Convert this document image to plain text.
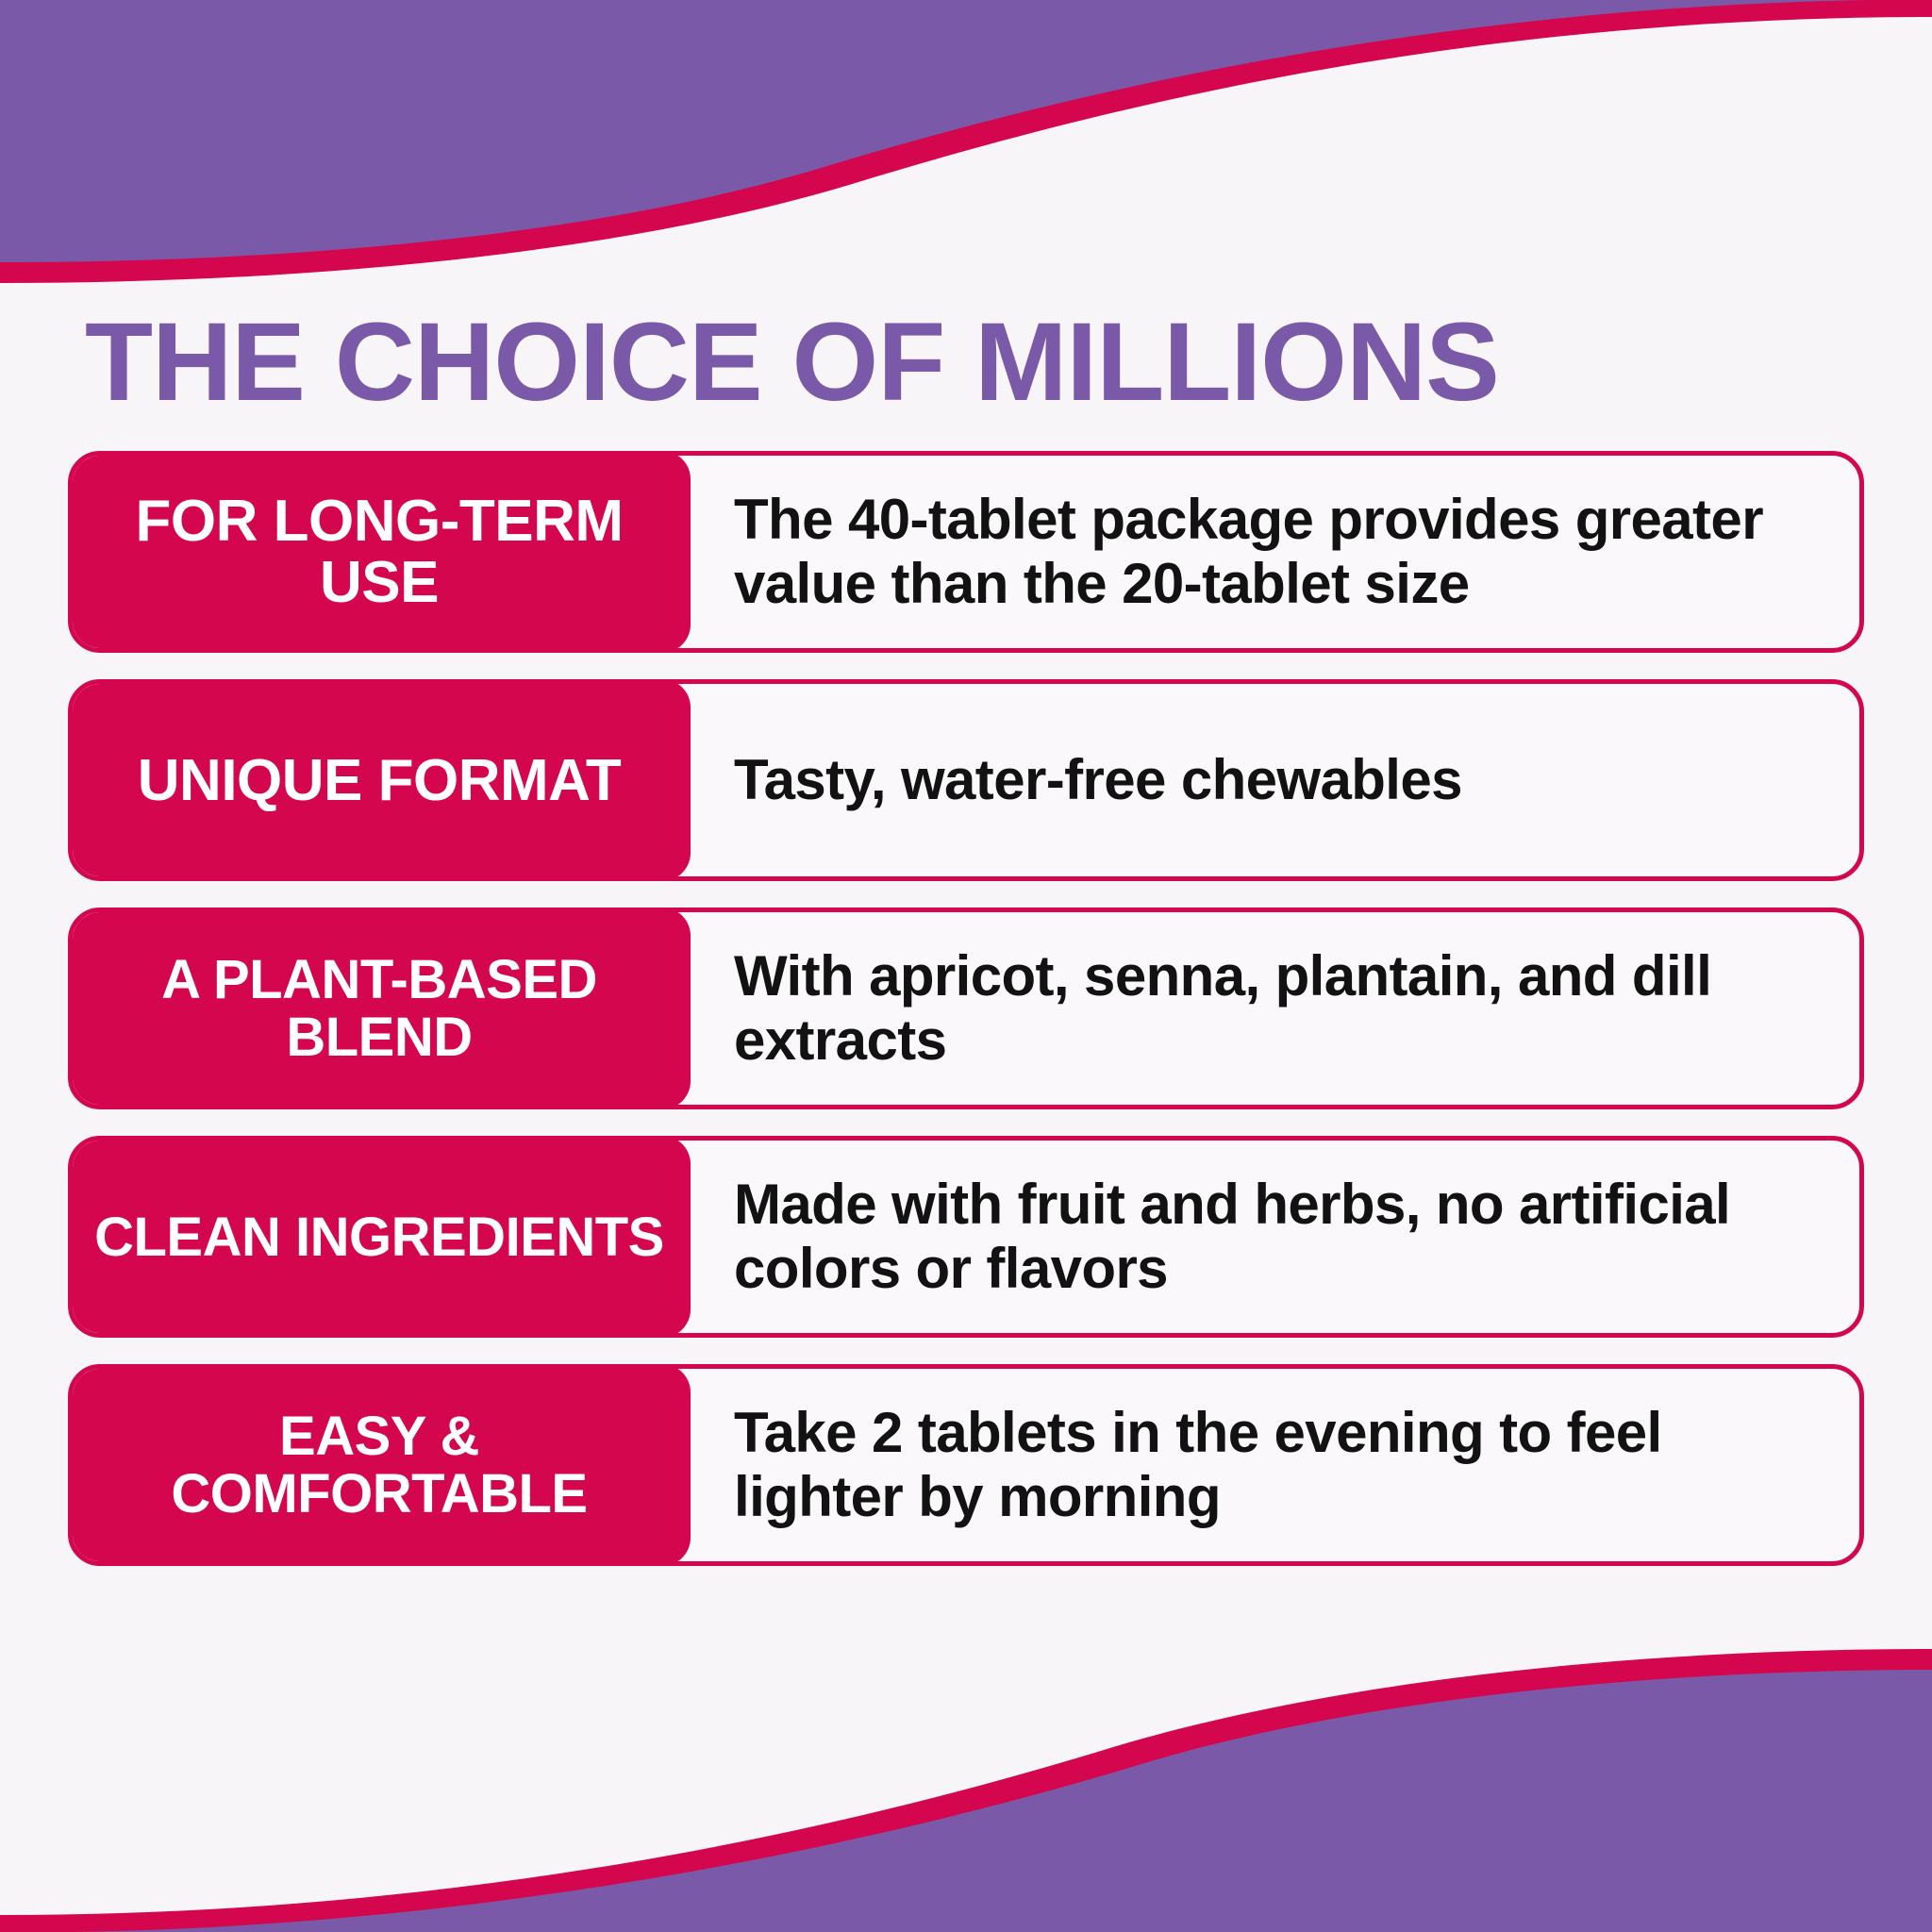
THE CHOICE OF MILLIONS
FOR LONG-TERM USE
The 40-tablet package provides greater value than the 20-tablet size
UNIQUE FORMAT Tasty, water-free chewables
A PLANT-BASED BLEND
With apricot, senna, plantain, and dill extracts
CLEAN INGREDIENTS
Made with fruit and herbs, no artificial colors or flavors
EASY & COMFORTABLE
Take 2 tablets in the evening to feel lighter by morning
